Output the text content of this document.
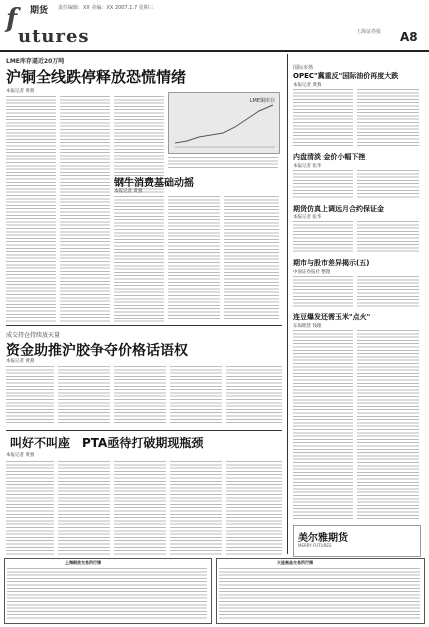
f
utures
期货 责任编辑：XX 美编：XX 2007.1.7 星期三
上海证券报 A8
LME库存逼近20万吨
沪铜全线跌停释放恐慌情绪
本报记者 黄燕
LME铜库存
钢牛消费基础动摇
本报记者 黄燕
成交持仓持续放天量
资金助推沪胶争夺价格话语权
本报记者 黄燕
叫好不叫座　PTA亟待打破期现瓶颈
本报记者 黄燕
国际市场
OPEC"冀重反"国际油价再度大跌
本报记者 黄燕
内盘清淡 金价小幅下挫
本报记者 张华
期货仿真上调远月合约保证金
本报记者 张华
期市与股市差异揭示(五)
中国证券报社 整理
连豆爆发还需玉米"点火"
东海期货 钱理
美尔雅期货
MERRY FUTURES
上海期货交易所行情	大连商品交易所行情
